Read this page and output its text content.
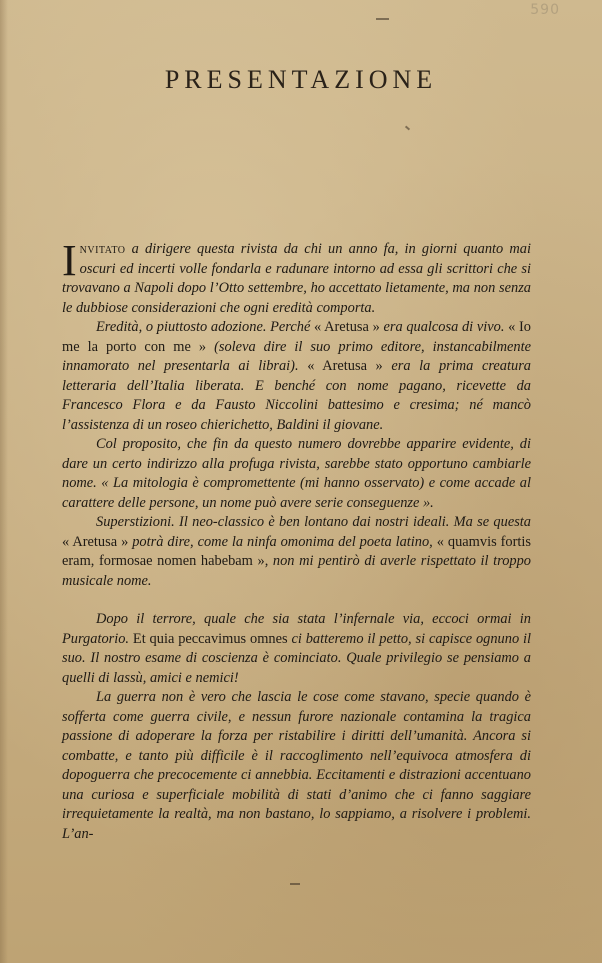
590
PRESENTAZIONE

Invitato a dirigere questa rivista da chi un anno fa, in giorni quanto mai oscuri ed incerti volle fondarla e radunare intorno ad essa gli scrittori che si trovavano a Napoli dopo l’Otto settembre, ho accettato lietamente, ma non senza le dubbiose considerazioni che ogni eredità comporta.

Eredità, o piuttosto adozione. Perché « Aretusa » era qualcosa di vivo. « Io me la porto con me » (soleva dire il suo primo editore, instancabilmente innamorato nel presentarla ai librai). « Aretusa » era la prima creatura letteraria dell’Italia liberata. E benché con nome pagano, ricevette da Francesco Flora e da Fausto Niccolini battesimo e cresima; né mancò l’assistenza di un roseo chierichetto, Baldini il giovane.

Col proposito, che fin da questo numero dovrebbe apparire evidente, di dare un certo indirizzo alla profuga rivista, sarebbe stato opportuno cambiarle nome. « La mitologia è compromettente (mi hanno osservato) e come accade al carattere delle persone, un nome può avere serie conseguenze ».

Superstizioni. Il neo-classico è ben lontano dai nostri ideali. Ma se questa « Aretusa » potrà dire, come la ninfa omonima del poeta latino, « quamvis fortis eram, formosae nomen habebam », non mi pentirò di averle rispettato il troppo musicale nome.

Dopo il terrore, quale che sia stata l’infernale via, eccoci ormai in Purgatorio. Et quia peccavimus omnes ci batteremo il petto, si capisce ognuno il suo. Il nostro esame di coscienza è cominciato. Quale privilegio se pensiamo a quelli di lassù, amici e nemici!

La guerra non è vero che lascia le cose come stavano, specie quando è sofferta come guerra civile, e nessun furore nazionale contamina la tragica passione di adoperare la forza per ristabilire i diritti dell’umanità. Ancora si combatte, e tanto più difficile è il raccoglimento nell’equivoca atmosfera di dopoguerra che precocemente ci annebbia. Eccitamenti e distrazioni accentuano una curiosa e superficiale mobilità di stati d’animo che ci fanno saggiare irrequietamente la realtà, ma non bastano, lo sappiamo, a risolvere i problemi. L’an-
